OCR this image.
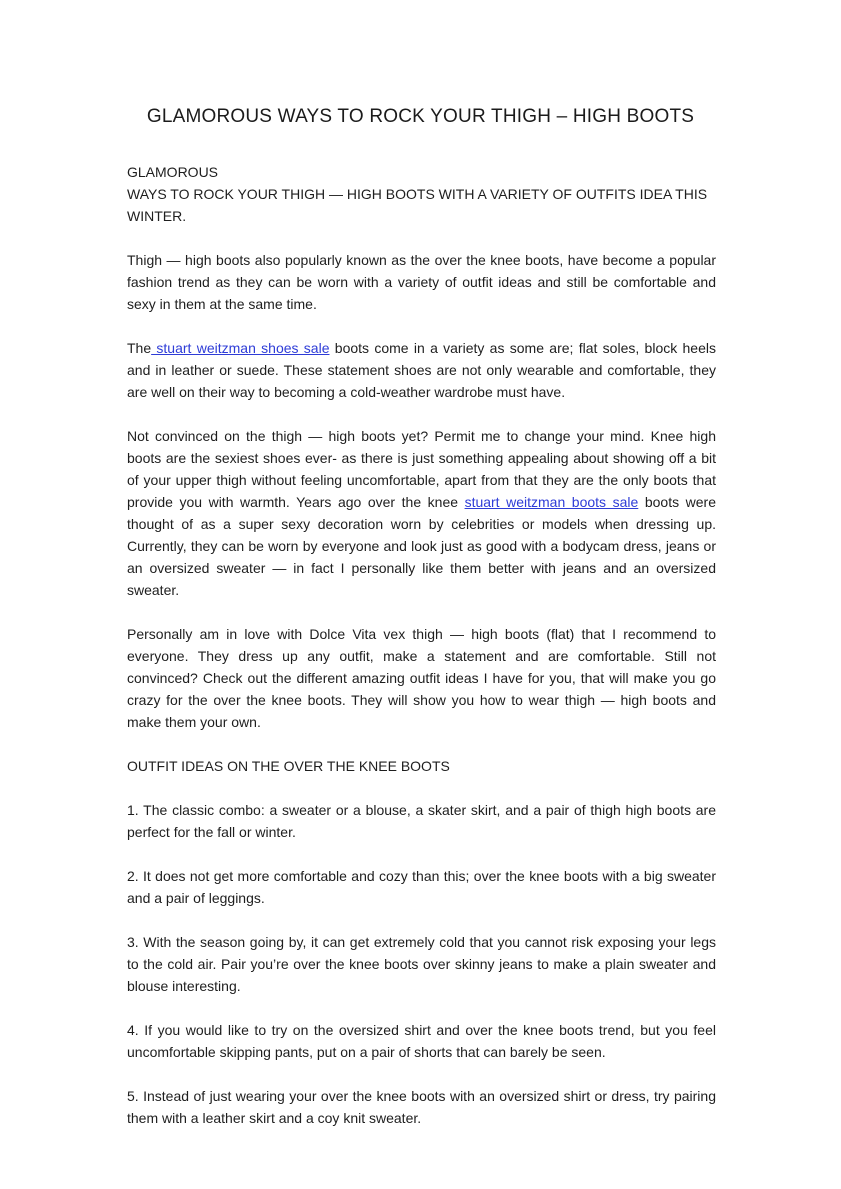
GLAMOROUS WAYS TO ROCK YOUR THIGH – HIGH BOOTS
GLAMOROUS
WAYS TO ROCK YOUR THIGH — HIGH BOOTS WITH A VARIETY OF OUTFITS IDEA THIS WINTER.

Thigh — high boots also popularly known as the over the knee boots, have become a popular fashion trend as they can be worn with a variety of outfit ideas and still be comfortable and sexy in them at the same time.

The stuart weitzman shoes sale boots come in a variety as some are; flat soles, block heels and in leather or suede. These statement shoes are not only wearable and comfortable, they are well on their way to becoming a cold-weather wardrobe must have.

Not convinced on the thigh — high boots yet? Permit me to change your mind. Knee high boots are the sexiest shoes ever- as there is just something appealing about showing off a bit of your upper thigh without feeling uncomfortable, apart from that they are the only boots that provide you with warmth. Years ago over the knee stuart weitzman boots sale boots were thought of as a super sexy decoration worn by celebrities or models when dressing up. Currently, they can be worn by everyone and look just as good with a bodycam dress, jeans or an oversized sweater — in fact I personally like them better with jeans and an oversized sweater.

Personally am in love with Dolce Vita vex thigh — high boots (flat) that I recommend to everyone. They dress up any outfit, make a statement and are comfortable. Still not convinced? Check out the different amazing outfit ideas I have for you, that will make you go crazy for the over the knee boots. They will show you how to wear thigh — high boots and make them your own.

OUTFIT IDEAS ON THE OVER THE KNEE BOOTS

1. The classic combo: a sweater or a blouse, a skater skirt, and a pair of thigh high boots are perfect for the fall or winter.

2. It does not get more comfortable and cozy than this; over the knee boots with a big sweater and a pair of leggings.

3. With the season going by, it can get extremely cold that you cannot risk exposing your legs to the cold air. Pair you’re over the knee boots over skinny jeans to make a plain sweater and blouse interesting.

4. If you would like to try on the oversized shirt and over the knee boots trend, but you feel uncomfortable skipping pants, put on a pair of shorts that can barely be seen.

5. Instead of just wearing your over the knee boots with an oversized shirt or dress, try pairing them with a leather skirt and a coy knit sweater.
